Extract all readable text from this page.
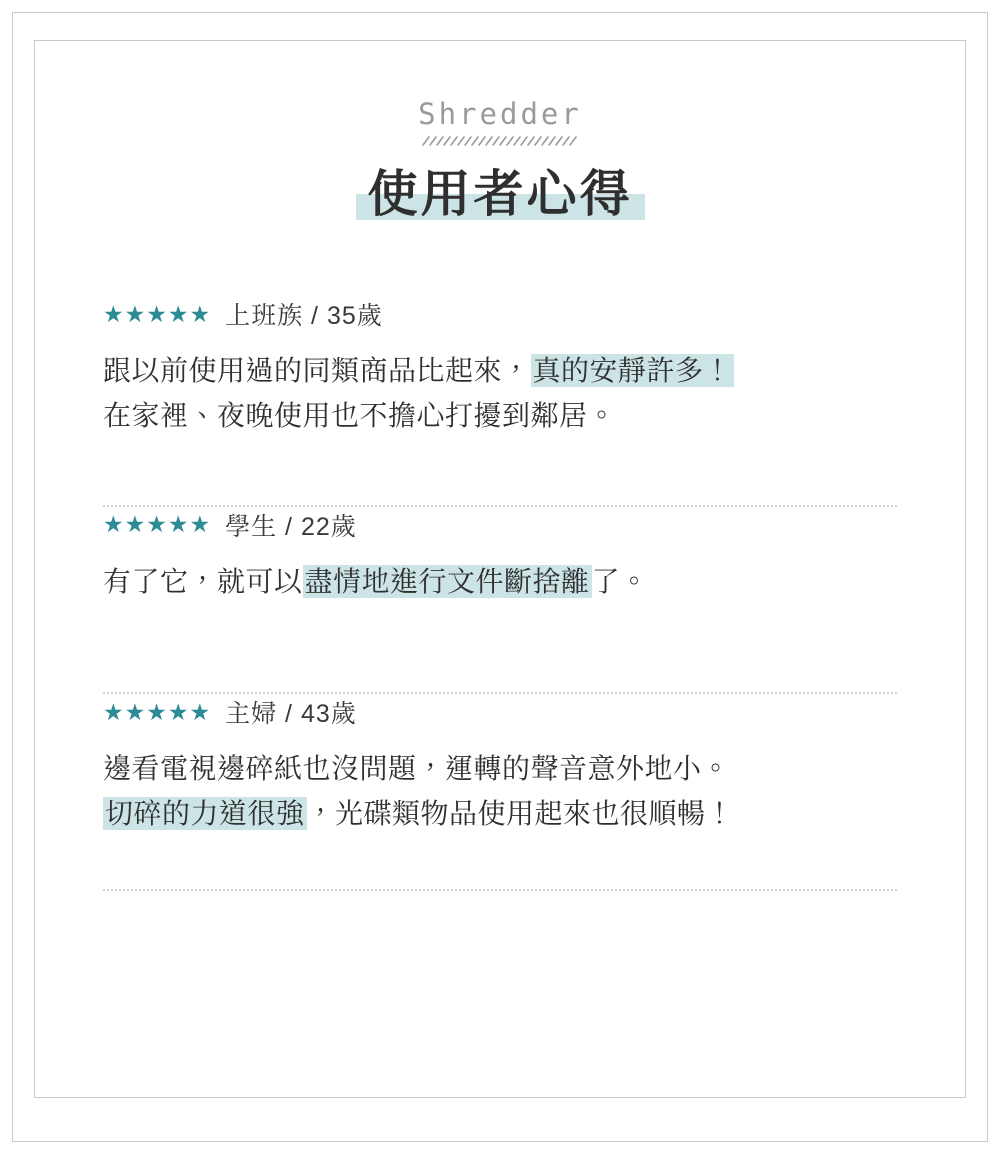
Shredder
使用者心得
★★★★★ 上班族 / 35歲
跟以前使用過的同類商品比起來，真的安靜許多！
在家裡、夜晚使用也不擔心打擾到鄰居。
★★★★★ 學生 / 22歲
有了它，就可以盡情地進行文件斷捨離了。
★★★★★ 主婦 / 43歲
邊看電視邊碎紙也沒問題，運轉的聲音意外地小。
切碎的力道很強，光碟類物品使用起來也很順暢！
